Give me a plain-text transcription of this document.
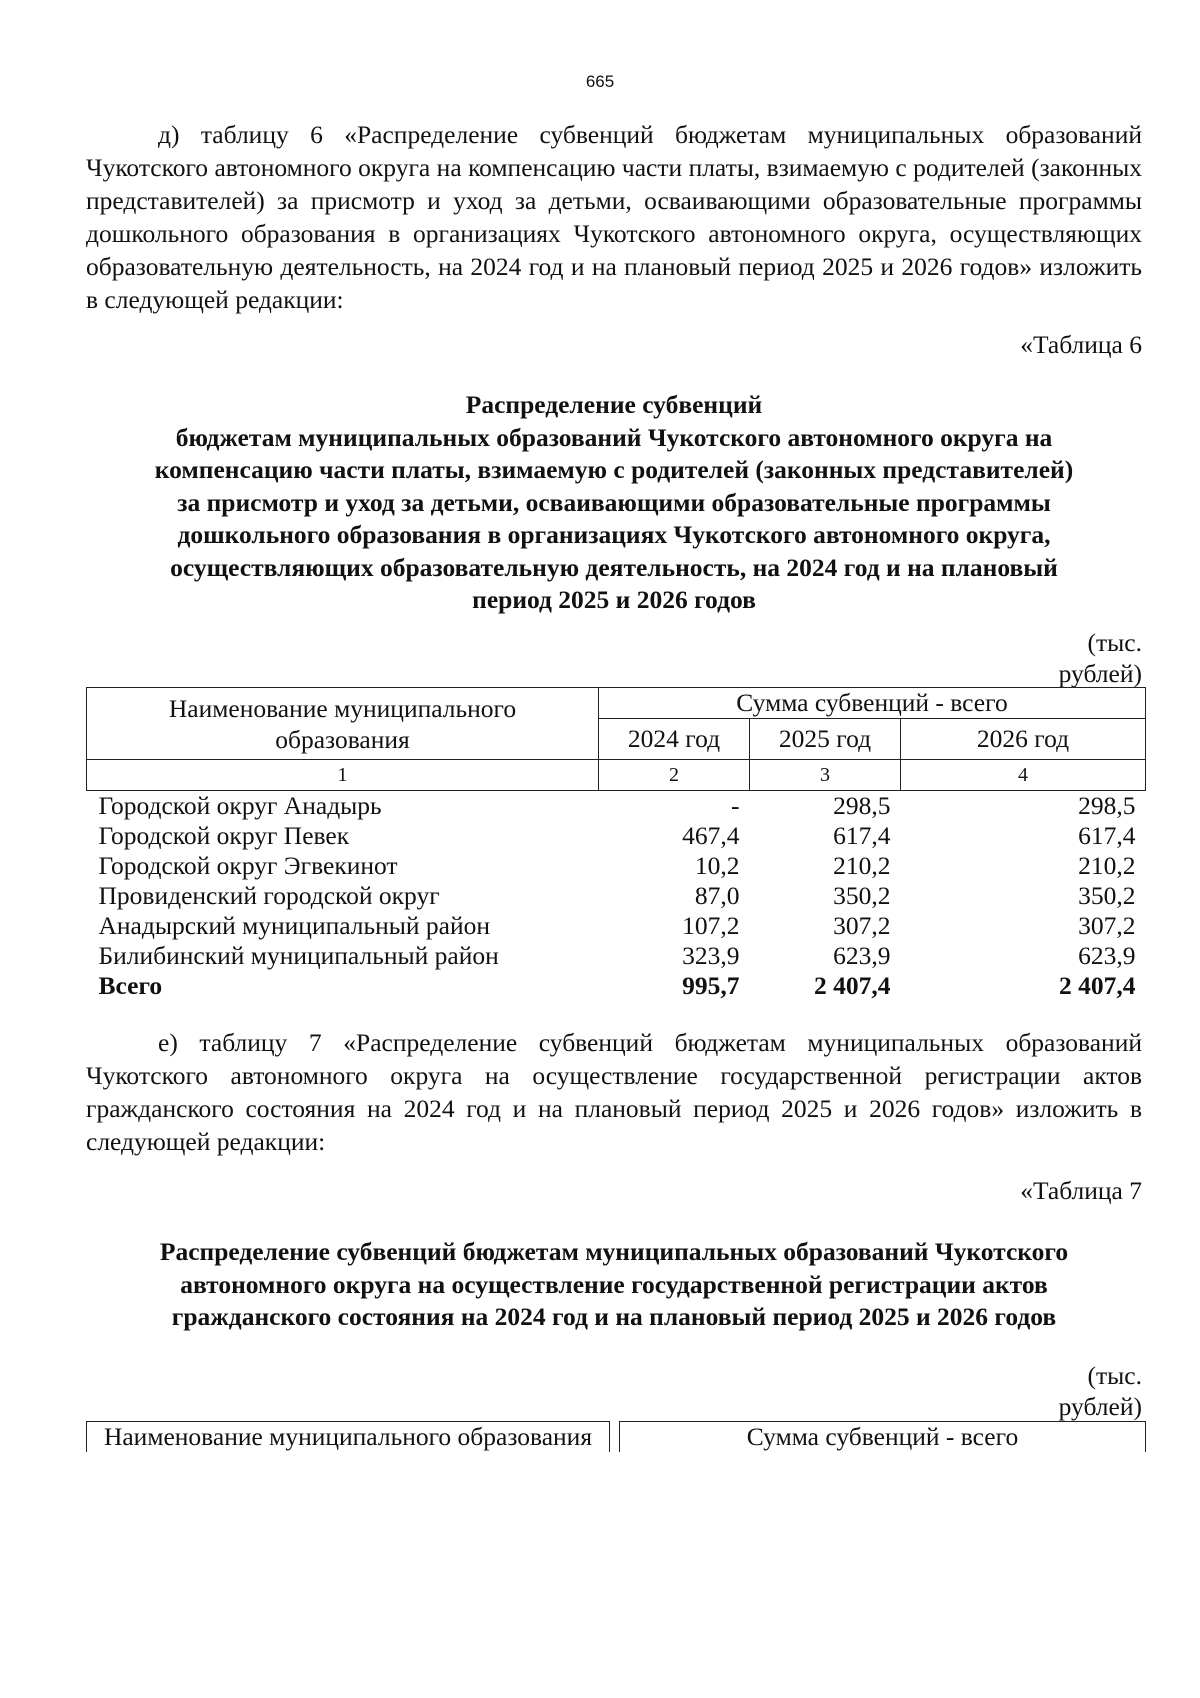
665
д) таблицу 6 «Распределение субвенций бюджетам муниципальных образований Чукотского автономного округа на компенсацию части платы, взимаемую с родителей (законных представителей) за присмотр и уход за детьми, осваивающими образовательные программы дошкольного образования в организациях Чукотского автономного округа, осуществляющих образовательную деятельность, на 2024 год и на плановый период 2025 и 2026 годов» изложить в следующей редакции:
«Таблица 6
Распределение субвенций
бюджетам муниципальных образований Чукотского автономного округа на
компенсацию части платы, взимаемую с родителей (законных представителей)
за присмотр и уход за детьми, осваивающими образовательные программы
дошкольного образования в организациях Чукотского автономного округа,
осуществляющих образовательную деятельность, на 2024 год и на плановый
период 2025 и 2026 годов
(тыс.
рублей)
Наименование муниципального образования	Сумма субвенций - всего		
	2024 год	2025 год	2026 год
1	2	3	4
Городской округ Анадырь	-	298,5	298,5
Городской округ Певек	467,4	617,4	617,4
Городской округ Эгвекинот	10,2	210,2	210,2
Провиденский городской округ	87,0	350,2	350,2
Анадырский муниципальный район	107,2	307,2	307,2
Билибинский муниципальный район	323,9	623,9	623,9
Всего	995,7	2 407,4	2 407,4
е) таблицу 7 «Распределение субвенций бюджетам муниципальных образований Чукотского автономного округа на осуществление государственной регистрации актов гражданского состояния на 2024 год и на плановый период 2025 и 2026 годов» изложить в следующей редакции:
«Таблица 7
Распределение субвенций бюджетам муниципальных образований Чукотского
автономного округа на осуществление государственной регистрации актов
гражданского состояния на 2024 год и на плановый период 2025 и 2026 годов
(тыс.
рублей)
Наименование муниципального образования		Сумма субвенций - всего
